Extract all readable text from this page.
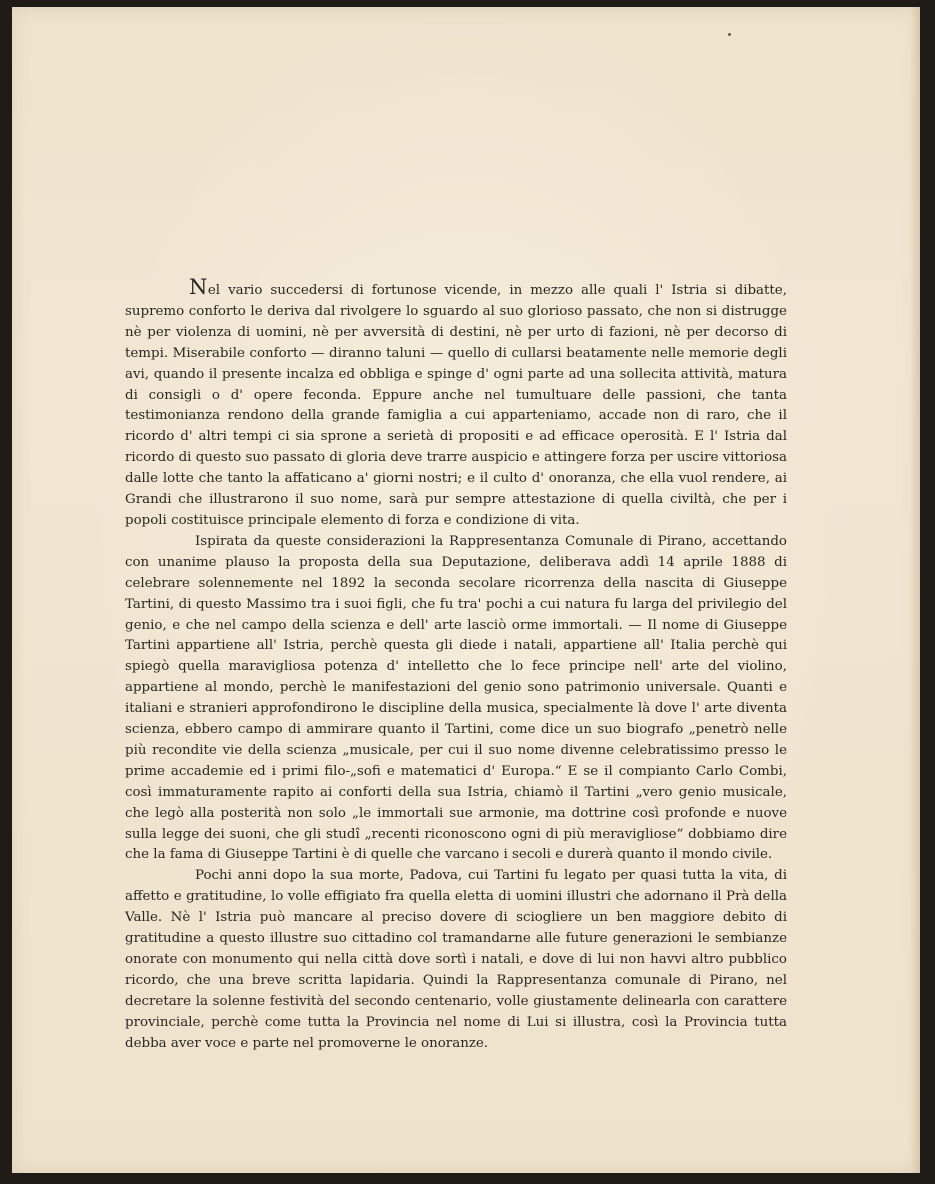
Nel vario succedersi di fortunose vicende, in mezzo alle quali l' Istria si dibatte, supremo conforto le deriva dal rivolgere lo sguardo al suo glorioso passato, che non si distrugge nè per violenza di uomini, nè per avversità di destini, nè per urto di fazioni, nè per decorso di tempi. Miserabile conforto — diranno taluni — quello di cullarsi beatamente nelle memorie degli avi, quando il presente incalza ed obbliga e spinge d' ogni parte ad una sollecita attività, matura di consigli o d' opere feconda. Eppure anche nel tumultuare delle passioni, che tanta testimonianza rendono della grande famiglia a cui apparteniamo, accade non di raro, che il ricordo d' altri tempi ci sia sprone a serietà di propositi e ad efficace operosità. E l' Istria dal ricordo di questo suo passato di gloria deve trarre auspicio e attingere forza per uscire vittoriosa dalle lotte che tanto la affaticano a' giorni nostri; e il culto d' onoranza, che ella vuol rendere, ai Grandi che illustrarono il suo nome, sarà pur sempre attestazione di quella civiltà, che per i popoli costituisce principale elemento di forza e condizione di vita.

Ispirata da queste considerazioni la Rappresentanza Comunale di Pirano, accettando con unanime plauso la proposta della sua Deputazione, deliberava addì 14 aprile 1888 di celebrare solennemente nel 1892 la seconda secolare ricorrenza della nascita di Giuseppe Tartini, di questo Massimo tra i suoi figli, che fu tra' pochi a cui natura fu larga del privilegio del genio, e che nel campo della scienza e dell' arte lasciò orme immortali. — Il nome di Giuseppe Tartini appartiene all' Istria, perchè questa gli diede i natali, appartiene all' Italia perchè qui spiegò quella maravigliosa potenza d' intelletto che lo fece principe nell' arte del violino, appartiene al mondo, perchè le manifestazioni del genio sono patrimonio universale. Quanti e italiani e stranieri approfondirono le discipline della musica, specialmente là dove l' arte diventa scienza, ebbero campo di ammirare quanto il Tartini, come dice un suo biografo „penetrò nelle più recondite vie della scienza „musicale, per cui il suo nome divenne celebratissimo presso le prime accademie ed i primi filo-„sofi e matematici d' Europa.“ E se il compianto Carlo Combi, così immaturamente rapito ai conforti della sua Istria, chiamò il Tartini „vero genio musicale, che legò alla posterità non solo „le immortali sue armonie, ma dottrine così profonde e nuove sulla legge dei suoni, che gli studî „recenti riconoscono ogni di più meravigliose“ dobbiamo dire che la fama di Giuseppe Tartini è di quelle che varcano i secoli e durerà quanto il mondo civile.

Pochi anni dopo la sua morte, Padova, cui Tartini fu legato per quasi tutta la vita, di affetto e gratitudine, lo volle effigiato fra quella eletta di uomini illustri che adornano il Prà della Valle. Nè l' Istria può mancare al preciso dovere di sciogliere un ben maggiore debito di gratitudine a questo illustre suo cittadino col tramandarne alle future generazioni le sembianze onorate con monumento qui nella città dove sortì i natali, e dove di lui non havvi altro pubblico ricordo, che una breve scritta lapidaria. Quindi la Rappresentanza comunale di Pirano, nel decretare la solenne festività del secondo centenario, volle giustamente delinearla con carattere provinciale, perchè come tutta la Provincia nel nome di Lui si illustra, così la Provincia tutta debba aver voce e parte nel promoverne le onoranze.
